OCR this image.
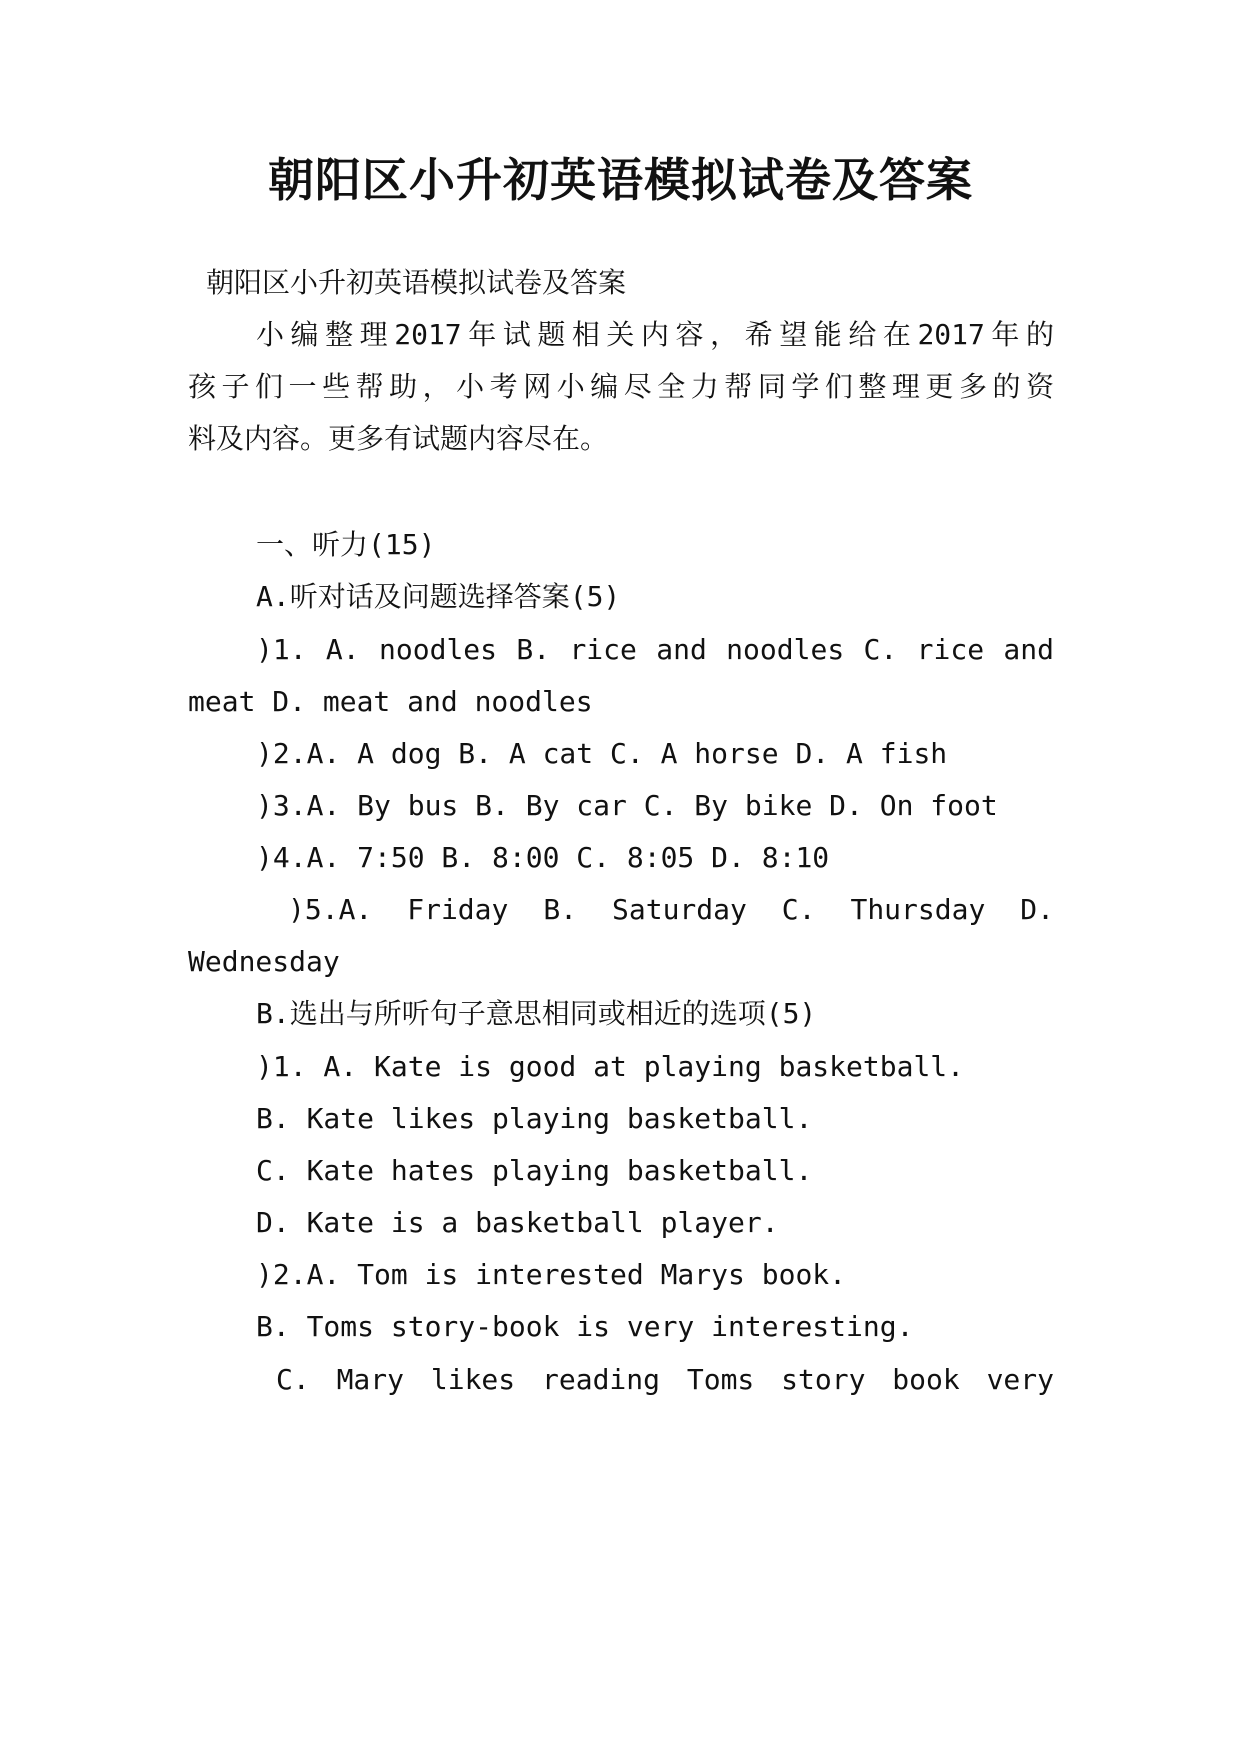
朝阳区小升初英语模拟试卷及答案
朝阳区小升初英语模拟试卷及答案
小编整理2017年试题相关内容，希望能给在2017年的
孩子们一些帮助，小考网小编尽全力帮同学们整理更多的资
料及内容。更多有试题内容尽在。
一、听力(15)
A.听对话及问题选择答案(5)
)1. A. noodles B. rice and noodles C. rice and
meat D. meat and noodles
)2.A. A dog B. A cat C. A horse D. A fish
)3.A. By bus B. By car C. By bike D. On foot
)4.A. 7:50 B. 8:00 C. 8:05 D. 8:10
)5.A. Friday B. Saturday C. Thursday D.
Wednesday
B.选出与所听句子意思相同或相近的选项(5)
)1. A. Kate is good at playing basketball.
B. Kate likes playing basketball.
C. Kate hates playing basketball.
D. Kate is a basketball player.
)2.A. Tom is interested Marys book.
B. Toms story-book is very interesting.
C. Mary likes reading Toms story book very
